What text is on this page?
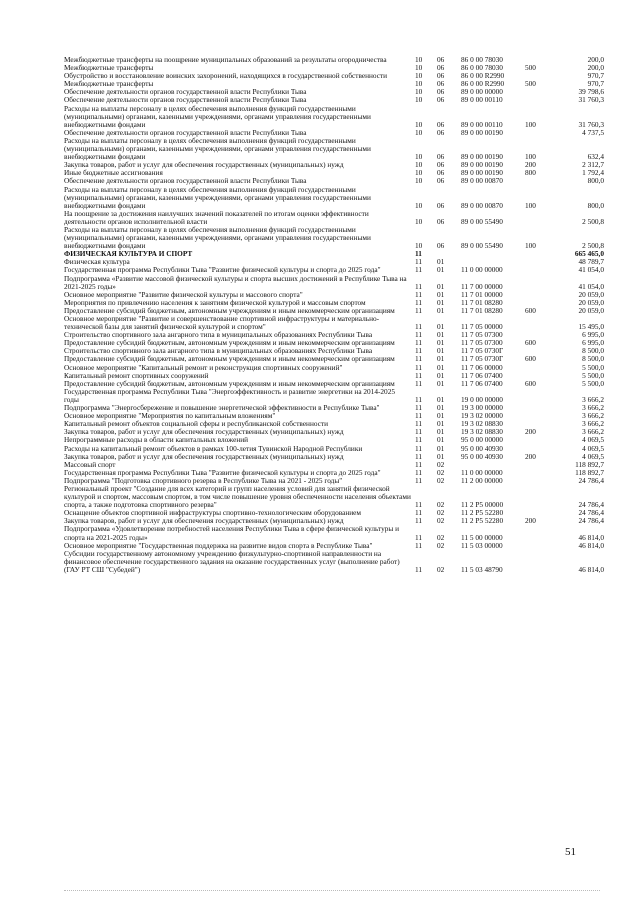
Межбюджетные трансферты на поощрение муниципальных образований за результаты огородничества	10	06	86 0 00 78030	200,0
Межбюджетные трансферты	10	06	86 0 00 78030	500	200,0
Обустройство и восстановление воинских захоронений, находящихся в государственной собственности	10	06	86 0 00 R2990	970,7
Межбюджетные трансферты	10	06	86 0 00 R2990	500	970,7
Обеспечение деятельности органов государственной власти Республики Тыва	10	06	89 0 00 00000	39 798,6
Обеспечение деятельности органов государственной власти Республики Тыва	10	06	89 0 00 00110	31 760,3
Расходы на выплаты персоналу в целях обеспечения выполнения функций государственными (муниципальными) органами, казенными учреждениями, органами управления государственными внебюджетными фондами	10	06	89 0 00 00110	100	31 760,3
Обеспечение деятельности органов государственной власти Республики Тыва	10	06	89 0 00 00190	4 737,5
Расходы на выплаты персоналу в целях обеспечения выполнения функций государственными (муниципальными) органами, казенными учреждениями, органами управления государственными внебюджетными фондами	10	06	89 0 00 00190	100	632,4
Закупка товаров, работ и услуг для обеспечения государственных (муниципальных) нужд	10	06	89 0 00 00190	200	2 312,7
Иные бюджетные ассигнования	10	06	89 0 00 00190	800	1 792,4
Обеспечение деятельности органов государственной власти Республики Тыва	10	06	89 0 00 00870	800,0
Расходы на выплаты персоналу в целях обеспечения выполнения функций государственными (муниципальными) органами, казенными учреждениями, органами управления государственными внебюджетными фондами	10	06	89 0 00 00870	100	800,0
На поощрение за достижения наилучших значений показателей по итогам оценки эффективности деятельности органов исполнительной власти	10	06	89 0 00 55490	2 500,8
Расходы на выплаты персоналу в целях обеспечения выполнения функций государственными (муниципальными) органами, казенными учреждениями, органами управления государственными внебюджетными фондами	10	06	89 0 00 55490	100	2 500,8
ФИЗИЧЕСКАЯ КУЛЬТУРА И СПОРТ	11	665 465,0
Физическая культура	11	01	48 789,7
Государственная программа Республики Тыва "Развитие физической культуры и спорта до 2025 года"	11	01	11 0 00 00000	41 054,0
Подпрограмма «Развитие массовой физической культуры и спорта высших достижений в Республике Тыва на 2021-2025 годы»	11	01	11 7 00 00000	41 054,0
Основное мероприятие "Развитие физической культуры и массового спорта"	11	01	11 7 01 00000	20 059,0
Мероприятия по привлечению населения к занятиям физической культурой и массовым спортом	11	01	11 7 01 08280	20 059,0
Предоставление субсидий бюджетным, автономным учреждениям и иным некоммерческим организациям	11	01	11 7 01 08280	600	20 059,0
Основное мероприятие "Развитие и совершенствование спортивной инфраструктуры и материально-технической базы для занятий физической культурой и спортом"	11	01	11 7 05 00000	15 495,0
Строительство спортивного зала ангарного типа в муниципальных образованиях Республики Тыва	11	01	11 7 05 07300	6 995,0
Предоставление субсидий бюджетным, автономным учреждениям и иным некоммерческим организациям	11	01	11 7 05 07300	600	6 995,0
Строительство спортивного зала ангарного типа в муниципальных образованиях Республики Тыва	11	01	11 7 05 0730Г	8 500,0
Предоставление субсидий бюджетным, автономным учреждениям и иным некоммерческим организациям	11	01	11 7 05 0730Г	600	8 500,0
Основное мероприятие "Капитальный ремонт и реконструкция спортивных сооружений"	11	01	11 7 06 00000	5 500,0
Капитальный ремонт спортивных сооружений	11	01	11 7 06 07400	5 500,0
Предоставление субсидий бюджетным, автономным учреждениям и иным некоммерческим организациям	11	01	11 7 06 07400	600	5 500,0
Государственная программа Республики Тыва "Энергоэффективность и развитие энергетики на 2014-2025 годы	11	01	19 0 00 00000	3 666,2
Подпрограмма "Энергосбережение и повышение энергетической эффективности в Республике Тыва"	11	01	19 3 00 00000	3 666,2
Основное мероприятие "Мероприятия по капитальным вложениям"	11	01	19 3 02 00000	3 666,2
Капитальный ремонт объектов социальной сферы и республиканской собственности	11	01	19 3 02 08830	3 666,2
Закупка товаров, работ и услуг для обеспечения государственных (муниципальных) нужд	11	01	19 3 02 08830	200	3 666,2
Непрограммные расходы в области капитальных вложений	11	01	95 0 00 00000	4 069,5
Расходы на капитальный ремонт объектов в рамках 100-летия Тувинской Народной Республики	11	01	95 0 00 40930	4 069,5
Закупка товаров, работ и услуг для обеспечения государственных (муниципальных) нужд	11	01	95 0 00 40930	200	4 069,5
Массовый спорт	11	02	118 892,7
Государственная программа Республики Тыва "Развитие физической культуры и спорта до 2025 года"	11	02	11 0 00 00000	118 892,7
Подпрограмма "Подготовка спортивного резерва в Республике Тыва на 2021 - 2025 годы"	11	02	11 2 00 00000	24 786,4
Региональный проект "Создание для всех категорий и групп населения условий для занятий физической культурой и спортом, массовым спортом, в том числе повышение уровня обеспеченности населения объектами спорта, а также подготовка спортивного резерва"	11	02	11 2 P5 00000	24 786,4
Оснащение объектов спортивной инфраструктуры спортивно-технологическим оборудованием	11	02	11 2 P5 52280	24 786,4
Закупка товаров, работ и услуг для обеспечения государственных (муниципальных) нужд	11	02	11 2 P5 52280	200	24 786,4
Подпрограмма «Удовлетворение потребностей населения Республики Тыва в сфере физической культуры и спорта на 2021-2025 годы»	11	02	11 5 00 00000	46 814,0
Основное мероприятие "Государственная поддержка на развитие видов спорта в Республике Тыва"	11	02	11 5 03 00000	46 814,0
Субсидии государственному автономному учреждению физкультурно-спортивной направленности на финансовое обеспечение государственного задания на оказание государственных услуг (выполнение работ) (ГАУ РТ СШ "Субедей")	11	02	11 5 03 48790	46 814,0
51
